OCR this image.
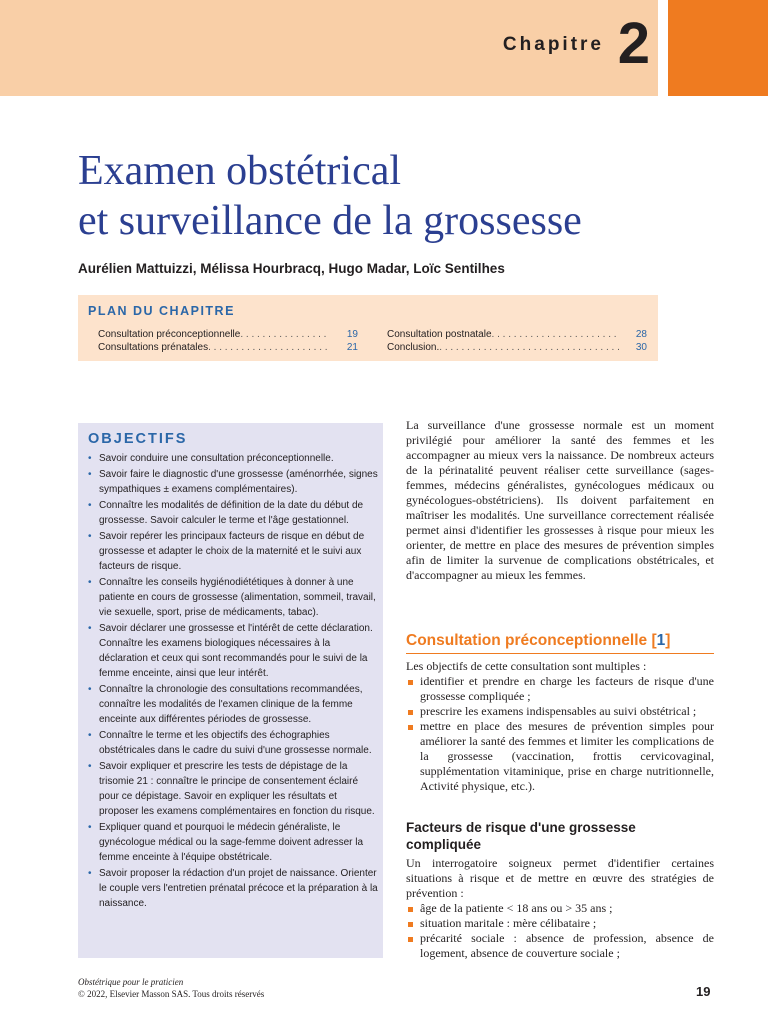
Chapitre 2
Examen obstétrical
et surveillance de la grossesse
Aurélien Mattuizzi, Mélissa Hourbracq, Hugo Madar, Loïc Sentilhes
PLAN DU CHAPITRE
Consultation préconceptionnelle . . .	19
Consultations prénatales . . .	21
Consultation postnatale . . .	28
Conclusion. . . .	30
OBJECTIFS
• Savoir conduire une consultation préconceptionnelle.
• Savoir faire le diagnostic d'une grossesse (aménorrhée, signes sympathiques ± examens complémentaires).
• Connaître les modalités de définition de la date du début de grossesse. Savoir calculer le terme et l'âge gestationnel.
• Savoir repérer les principaux facteurs de risque en début de grossesse et adapter le choix de la maternité et le suivi aux facteurs de risque.
• Connaître les conseils hygiénodiététiques à donner à une patiente en cours de grossesse (alimentation, sommeil, travail, vie sexuelle, sport, prise de médicaments, tabac).
• Savoir déclarer une grossesse et l'intérêt de cette déclaration. Connaître les examens biologiques nécessaires à la déclaration et ceux qui sont recommandés pour le suivi de la femme enceinte, ainsi que leur intérêt.
• Connaître la chronologie des consultations recommandées, connaître les modalités de l'examen clinique de la femme enceinte aux différentes périodes de grossesse.
• Connaître le terme et les objectifs des échographies obstétricales dans le cadre du suivi d'une grossesse normale.
• Savoir expliquer et prescrire les tests de dépistage de la trisomie 21 : connaître le principe de consentement éclairé pour ce dépistage. Savoir en expliquer les résultats et proposer les examens complémentaires en fonction du risque.
• Expliquer quand et pourquoi le médecin généraliste, le gynécologue médical ou la sage-femme doivent adresser la femme enceinte à l'équipe obstétricale.
• Savoir proposer la rédaction d'un projet de naissance. Orienter le couple vers l'entretien prénatal précoce et la préparation à la naissance.

La surveillance d'une grossesse normale est un moment privilégié pour améliorer la santé des femmes et les accompagner au mieux vers la naissance. De nombreux acteurs de la périnatalité peuvent réaliser cette surveillance (sages-femmes, médecins généralistes, gynécologues médicaux ou gynécologues-obstétriciens). Ils doivent parfaitement en maîtriser les modalités. Une surveillance correctement réalisée permet ainsi d'identifier les grossesses à risque pour mieux les orienter, de mettre en place des mesures de prévention simples afin de limiter la survenue de complications obstétricales, et d'accompagner au mieux les femmes.

Consultation préconceptionnelle [1]

Les objectifs de cette consultation sont multiples :

identifier et prendre en charge les facteurs de risque d'une grossesse compliquée ;
prescrire les examens indispensables au suivi obstétrical ;
mettre en place des mesures de prévention simples pour améliorer la santé des femmes et limiter les complications de la grossesse (vaccination, frottis cervicovaginal, supplémentation vitaminique, prise en charge nutritionnelle, Activité physique, etc.).
Facteurs de risque d'une grossesse compliquée

Un interrogatoire soigneux permet d'identifier certaines situations à risque et de mettre en œuvre des stratégies de prévention :

âge de la patiente < 18 ans ou > 35 ans ;
situation maritale : mère célibataire ;
précarité sociale : absence de profession, absence de logement, absence de couverture sociale ;
Obstétrique pour le praticien
© 2022, Elsevier Masson SAS. Tous droits réservés	19
